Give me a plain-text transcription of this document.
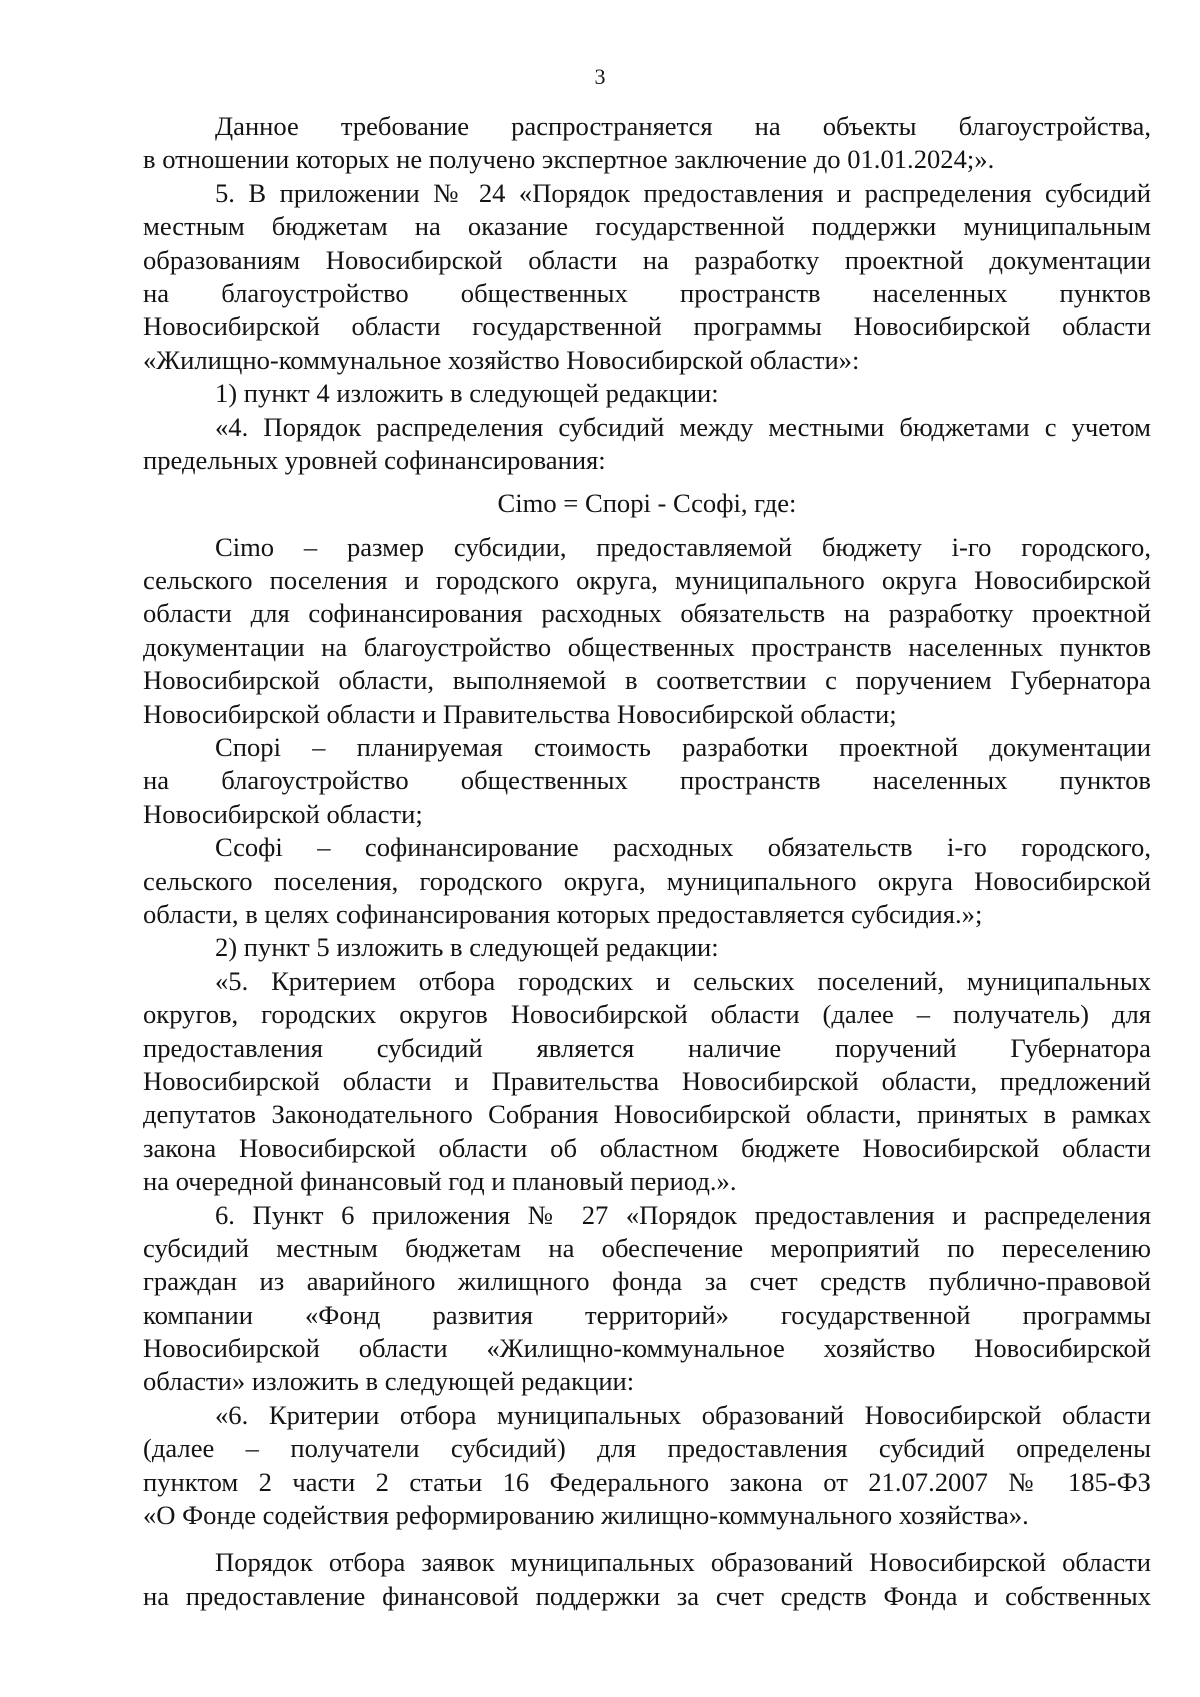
3
Данное требование распространяется на объекты благоустройства,
в отношении которых не получено экспертное заключение до 01.01.2024;».
5. В приложении № 24 «Порядок предоставления и распределения субсидий
местным бюджетам на оказание государственной поддержки муниципальным
образованиям Новосибирской области на разработку проектной документации
на благоустройство общественных пространств населенных пунктов
Новосибирской области государственной программы Новосибирской области
«Жилищно-коммунальное хозяйство Новосибирской области»:
1) пункт 4 изложить в следующей редакции:
«4. Порядок распределения субсидий между местными бюджетами с учетом
предельных уровней софинансирования:
Сimo = Спорi - Ссофi, где:
Сimo – размер субсидии, предоставляемой бюджету i-го городского,
сельского поселения и городского округа, муниципального округа Новосибирской
области для софинансирования расходных обязательств на разработку проектной
документации на благоустройство общественных пространств населенных пунктов
Новосибирской области, выполняемой в соответствии с поручением Губернатора
Новосибирской области и Правительства Новосибирской области;
Спорi – планируемая стоимость разработки проектной документации
на благоустройство общественных пространств населенных пунктов
Новосибирской области;
Ссофi – софинансирование расходных обязательств i-го городского,
сельского поселения, городского округа, муниципального округа Новосибирской
области, в целях софинансирования которых предоставляется субсидия.»;
2) пункт 5 изложить в следующей редакции:
«5. Критерием отбора городских и сельских поселений, муниципальных
округов, городских округов Новосибирской области (далее – получатель) для
предоставления субсидий является наличие поручений Губернатора
Новосибирской области и Правительства Новосибирской области, предложений
депутатов Законодательного Собрания Новосибирской области, принятых в рамках
закона Новосибирской области об областном бюджете Новосибирской области
на очередной финансовый год и плановый период.».
6. Пункт 6 приложения № 27 «Порядок предоставления и распределения
субсидий местным бюджетам на обеспечение мероприятий по переселению
граждан из аварийного жилищного фонда за счет средств публично-правовой
компании «Фонд развития территорий» государственной программы
Новосибирской области «Жилищно-коммунальное хозяйство Новосибирской
области» изложить в следующей редакции:
«6. Критерии отбора муниципальных образований Новосибирской области
(далее – получатели субсидий) для предоставления субсидий определены
пунктом 2 части 2 статьи 16 Федерального закона от 21.07.2007 № 185-ФЗ
«О Фонде содействия реформированию жилищно-коммунального хозяйства».
Порядок отбора заявок муниципальных образований Новосибирской области
на предоставление финансовой поддержки за счет средств Фонда и собственных
